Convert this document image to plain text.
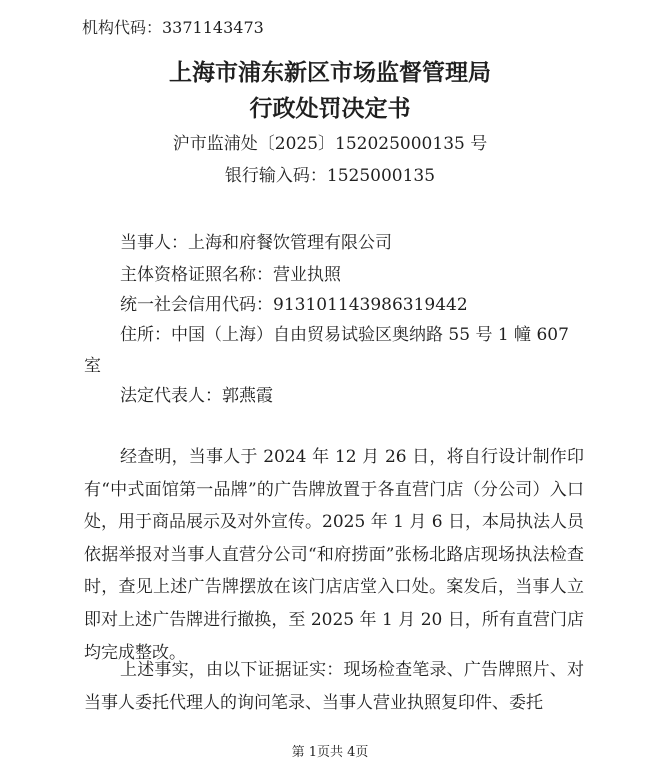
机构代码：3371143473
上海市浦东新区市场监督管理局
行政处罚决定书
沪市监浦处〔2025〕152025000135 号
银行输入码：1525000135
当事人：上海和府餐饮管理有限公司
主体资格证照名称：营业执照
统一社会信用代码：91310114398631944​2
住所：中国（上海）自由贸易试验区奥纳路 55 号 1 幢 607
室
法定代表人：郭燕霞
经查明，当事人于 2024 年 12 月 26 日，将自行设计制作印有“中式面馆第一品牌”的广告牌放置于各直营门店（分公司）入口处，用于商品展示及对外宣传。2025 年 1 月 6 日，本局执法人员依据举报对当事人直营分公司“和府捞面”张杨北路店现场执法检查时，查见上述广告牌摆放在该门店店堂入口处。案发后，当事人立即对上述广告牌进行撤换，至 2025 年 1 月 20 日，所有直营门店均完成整改。
上述事实，由以下证据证实：现场检查笔录、广告牌照片、对当事人委托代理人的询问笔录、当事人营业执照复印件、委托
第 1页共 4页
